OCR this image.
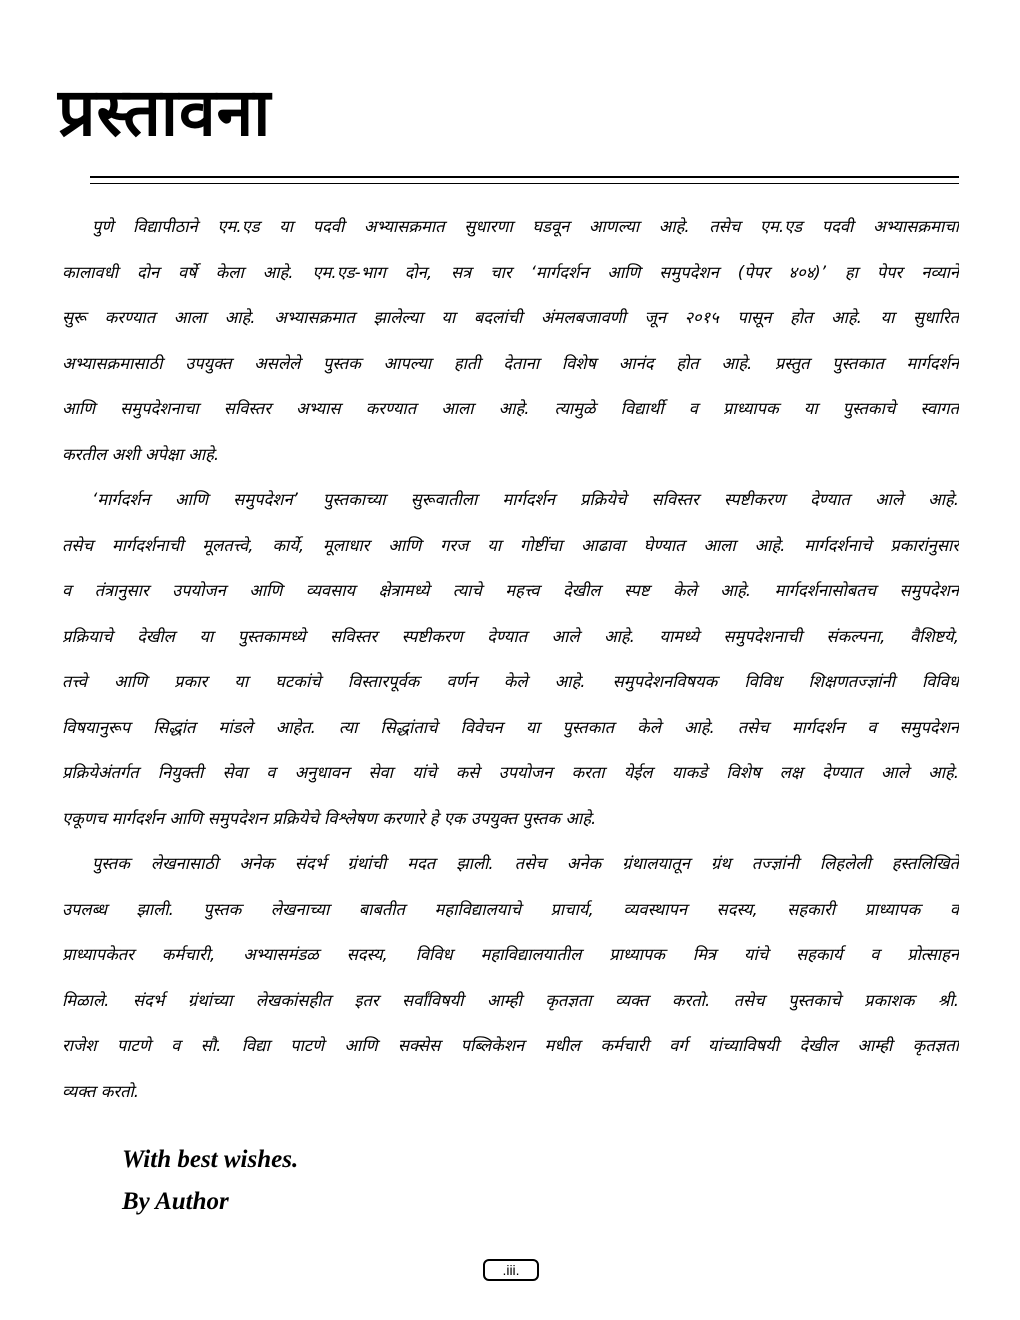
प्रस्तावना
पुणे विद्यापीठाने एम.एड या पदवी अभ्यासक्रमात सुधारणा घडवून आणल्या आहे. तसेच एम.एड पदवी अभ्यासक्रमाचा
कालावधी दोन वर्षे केला आहे. एम.एड-भाग दोन, सत्र चार ‘मार्गदर्शन आणि समुपदेशन (पेपर ४०४)’ हा पेपर नव्याने
सुरू करण्यात आला आहे. अभ्यासक्रमात झालेल्या या बदलांची अंमलबजावणी जून २०१५ पासून होत आहे. या सुधारित
अभ्यासक्रमासाठी उपयुक्त असलेले पुस्तक आपल्या हाती देताना विशेष आनंद होत आहे. प्रस्तुत पुस्तकात मार्गदर्शन
आणि समुपदेशनाचा सविस्तर अभ्यास करण्यात आला आहे. त्यामुळे विद्यार्थी व प्राध्यापक या पुस्तकाचे स्वागत
करतील अशी अपेक्षा आहे.
‘मार्गदर्शन आणि समुपदेशन’ पुस्तकाच्या सुरूवातीला मार्गदर्शन प्रक्रियेचे सविस्तर स्पष्टीकरण देण्यात आले आहे.
तसेच मार्गदर्शनाची मूलतत्त्वे, कार्ये, मूलाधार आणि गरज या गोष्टींचा आढावा घेण्यात आला आहे. मार्गदर्शनाचे प्रकारांनुसार
व तंत्रानुसार उपयोजन आणि व्यवसाय क्षेत्रामध्ये त्याचे महत्त्व देखील स्पष्ट केले आहे. मार्गदर्शनासोबतच समुपदेशन
प्रक्रियाचे देखील या पुस्तकामध्ये सविस्तर स्पष्टीकरण देण्यात आले आहे. यामध्ये समुपदेशनाची संकल्पना, वैशिष्टये,
तत्त्वे आणि प्रकार या घटकांचे विस्तारपूर्वक वर्णन केले आहे. समुपदेशनविषयक विविध शिक्षणतज्ज्ञांनी विविध
विषयानुरूप सिद्धांत मांडले आहेत. त्या सिद्धांताचे विवेचन या पुस्तकात केले आहे. तसेच मार्गदर्शन व समुपदेशन
प्रक्रियेअंतर्गत नियुक्ती सेवा व अनुधावन सेवा यांचे कसे उपयोजन करता येईल याकडे विशेष लक्ष देण्यात आले आहे.
एकूणच मार्गदर्शन आणि समुपदेशन प्रक्रियेचे विश्लेषण करणारे हे एक उपयुक्त पुस्तक आहे.
पुस्तक लेखनासाठी अनेक संदर्भ ग्रंथांची मदत झाली. तसेच अनेक ग्रंथालयातून ग्रंथ तज्ज्ञांनी लिहलेली हस्तलिखिते
उपलब्ध झाली. पुस्तक लेखनाच्या बाबतीत महाविद्यालयाचे प्राचार्य, व्यवस्थापन सदस्य, सहकारी प्राध्यापक व
प्राध्यापकेतर कर्मचारी, अभ्यासमंडळ सदस्य, विविध महाविद्यालयातील प्राध्यापक मित्र यांचे सहकार्य व प्रोत्साहन
मिळाले. संदर्भ ग्रंथांच्या लेखकांसहीत इतर सर्वांविषयी आम्ही कृतज्ञता व्यक्त करतो. तसेच पुस्तकाचे प्रकाशक श्री.
राजेश पाटणे व सौ. विद्या पाटणे आणि सक्सेस पब्लिकेशन मधील कर्मचारी वर्ग यांच्याविषयी देखील आम्ही कृतज्ञता
व्यक्त करतो.
With best wishes.
By Author
.iii.
